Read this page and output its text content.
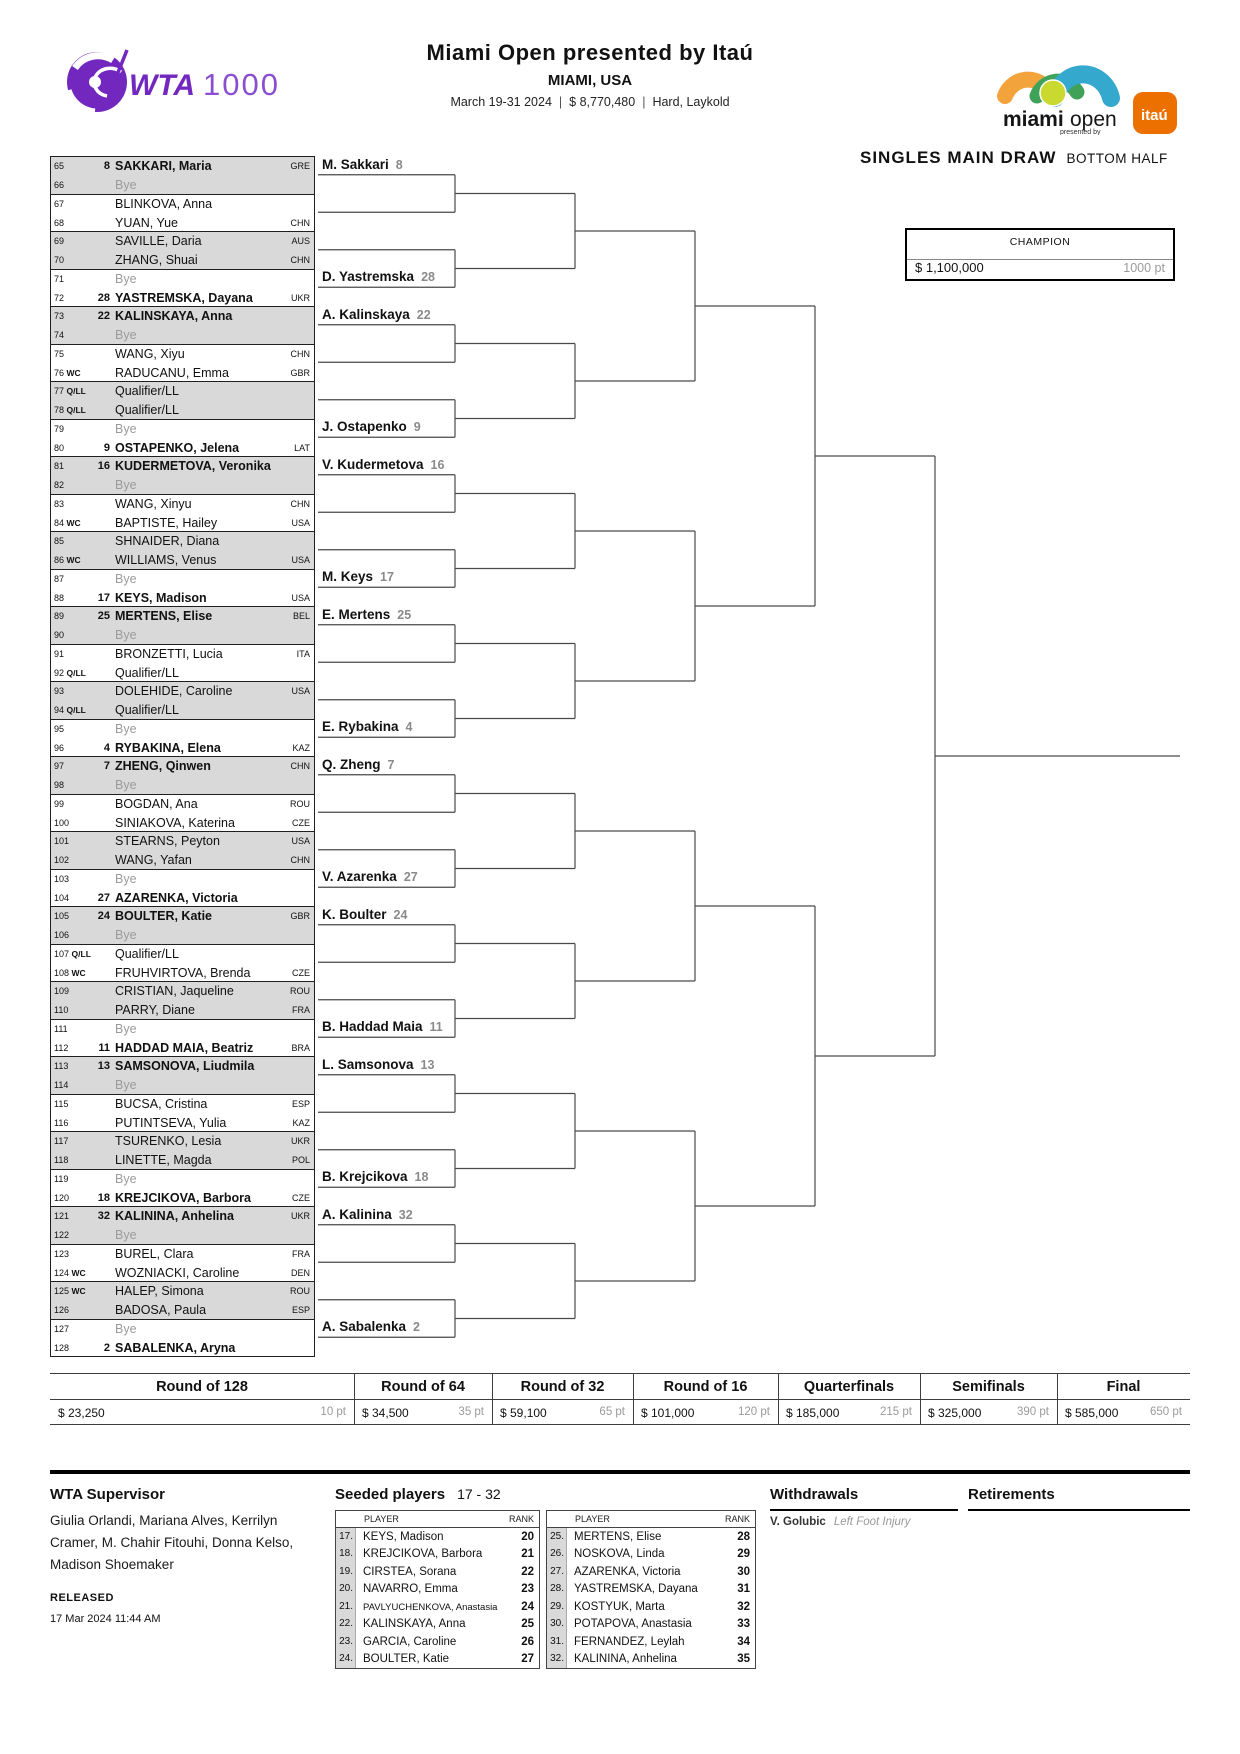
WTA 1000
Miami Open presented by Itaú
MIAMI, USA
March 19-31 2024 | $ 8,770,480 | Hard, Laykold
miami open
presented by
itaú
SINGLES MAIN DRAW BOTTOM HALF
CHAMPION
$ 1,100,000	1000 pt
65	8 SAKKARI, Maria	GRE
66	Bye
67	BLINKOVA, Anna
68	YUAN, Yue	CHN
69	SAVILLE, Daria	AUS
70	ZHANG, Shuai	CHN
71	Bye
72	28 YASTREMSKA, Dayana	UKR
73	22 KALINSKAYA, Anna
74	Bye
75	WANG, Xiyu	CHN
76 WC	RADUCANU, Emma	GBR
77 Q/LL	Qualifier/LL
78 Q/LL	Qualifier/LL
79	Bye
80	9 OSTAPENKO, Jelena	LAT
81	16 KUDERMETOVA, Veronika
82	Bye
83	WANG, Xinyu	CHN
84 WC	BAPTISTE, Hailey	USA
85	SHNAIDER, Diana
86 WC	WILLIAMS, Venus	USA
87	Bye
88	17 KEYS, Madison	USA
89	25 MERTENS, Elise	BEL
90	Bye
91	BRONZETTI, Lucia	ITA
92 Q/LL	Qualifier/LL
93	DOLEHIDE, Caroline	USA
94 Q/LL	Qualifier/LL
95	Bye
96	4 RYBAKINA, Elena	KAZ
97	7 ZHENG, Qinwen	CHN
98	Bye
99	BOGDAN, Ana	ROU
100	SINIAKOVA, Katerina	CZE
101	STEARNS, Peyton	USA
102	WANG, Yafan	CHN
103	Bye
104	27 AZARENKA, Victoria
105	24 BOULTER, Katie	GBR
106	Bye
107 Q/LL	Qualifier/LL
108 WC	FRUHVIRTOVA, Brenda	CZE
109	CRISTIAN, Jaqueline	ROU
110	PARRY, Diane	FRA
111	Bye
112	11 HADDAD MAIA, Beatriz	BRA
113	13 SAMSONOVA, Liudmila
114	Bye
115	BUCSA, Cristina	ESP
116	PUTINTSEVA, Yulia	KAZ
117	TSURENKO, Lesia	UKR
118	LINETTE, Magda	POL
119	Bye
120	18 KREJCIKOVA, Barbora	CZE
121	32 KALININA, Anhelina	UKR
122	Bye
123	BUREL, Clara	FRA
124 WC	WOZNIACKI, Caroline	DEN
125 WC	HALEP, Simona	ROU
126	BADOSA, Paula	ESP
127	Bye
128	2 SABALENKA, Aryna
M. Sakkari 8
D. Yastremska 28
A. Kalinskaya 22
J. Ostapenko 9
V. Kudermetova 16
M. Keys 17
E. Mertens 25
E. Rybakina 4
Q. Zheng 7
V. Azarenka 27
K. Boulter 24
B. Haddad Maia 11
L. Samsonova 13
B. Krejcikova 18
A. Kalinina 32
A. Sabalenka 2
Round of 128
$ 23,250	10 pt
Round of 64
$ 34,500	35 pt
Round of 32
$ 59,100	65 pt
Round of 16
$ 101,000	120 pt
Quarterfinals
$ 185,000	215 pt
Semifinals
$ 325,000	390 pt
Final
$ 585,000	650 pt
WTA Supervisor
Giulia Orlandi, Mariana Alves, Kerrilyn Cramer, M. Chahir Fitouhi, Donna Kelso, Madison Shoemaker
RELEASED
17 Mar 2024 11:44 AM
Seeded players 17 - 32
PLAYER	RANK
17. KEYS, Madison	20
18. KREJCIKOVA, Barbora	21
19. CIRSTEA, Sorana	22
20. NAVARRO, Emma	23
21.	PAVLYUCHENKOVA, Anastasia 24
22. KALINSKAYA, Anna	25
23. GARCIA, Caroline	26
24. BOULTER, Katie	27
PLAYER	RANK
25. MERTENS, Elise	28
26. NOSKOVA, Linda	29
27. AZARENKA, Victoria	30
28. YASTREMSKA, Dayana	31
29. KOSTYUK, Marta	32
30. POTAPOVA, Anastasia	33
31. FERNANDEZ, Leylah	34
32. KALININA, Anhelina	35
Withdrawals
V. Golubic Left Foot Injury
Retirements
